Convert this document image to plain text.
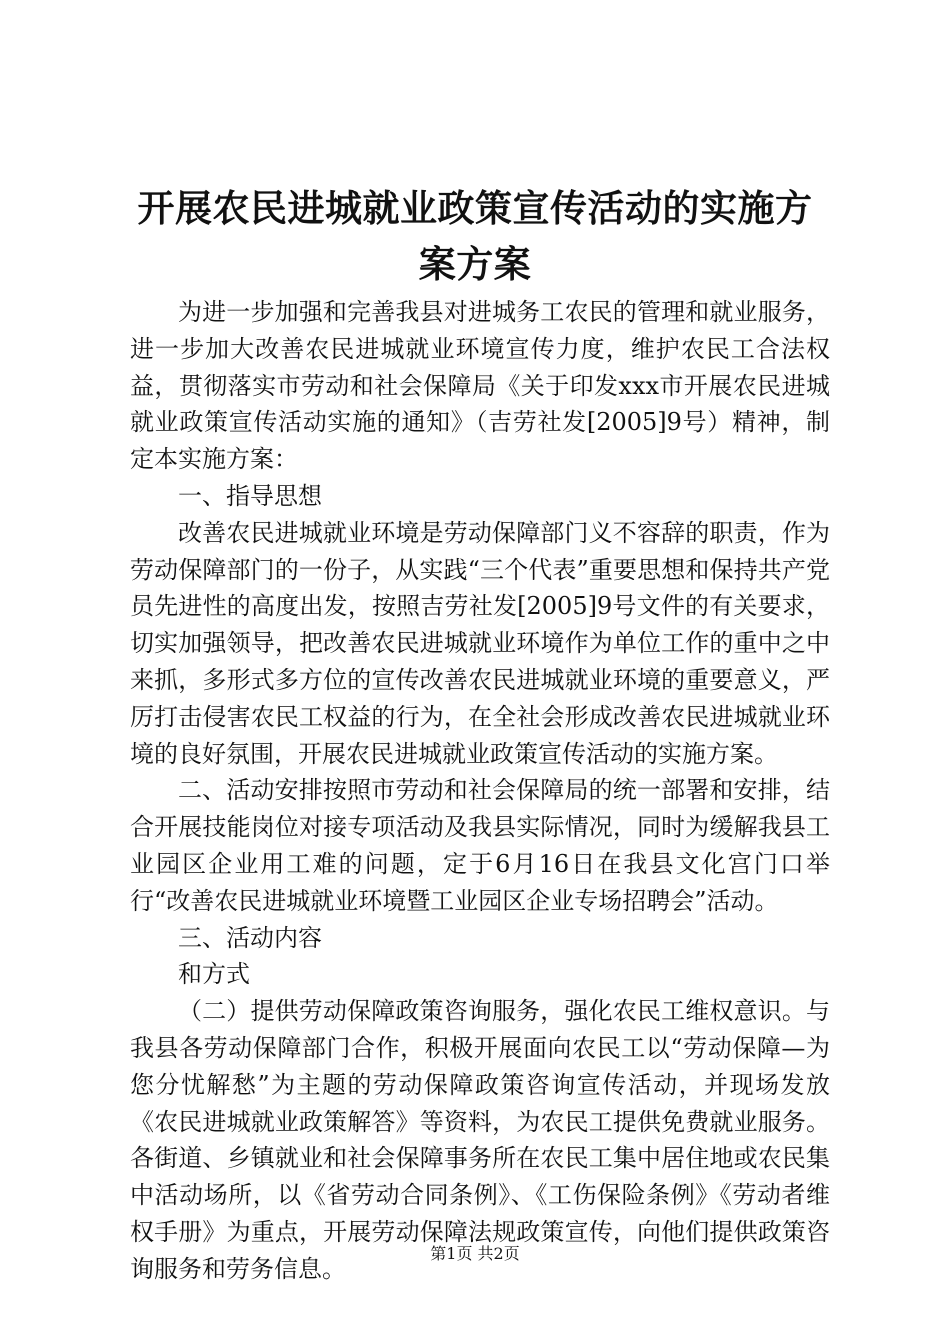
开展农民进城就业政策宣传活动的实施方案方案

为进一步加强和完善我县对进城务工农民的管理和就业服务，进一步加大改善农民进城就业环境宣传力度，维护农民工合法权益，贯彻落实市劳动和社会保障局《关于印发xxx市开展农民进城就业政策宣传活动实施的通知》（吉劳社发[2005]9号）精神，制定本实施方案：

一、指导思想

改善农民进城就业环境是劳动保障部门义不容辞的职责，作为劳动保障部门的一份子，从实践“三个代表”重要思想和保持共产党员先进性的高度出发，按照吉劳社发[2005]9号文件的有关要求，切实加强领导，把改善农民进城就业环境作为单位工作的重中之中来抓，多形式多方位的宣传改善农民进城就业环境的重要意义，严厉打击侵害农民工权益的行为，在全社会形成改善农民进城就业环境的良好氛围，开展农民进城就业政策宣传活动的实施方案。

二、活动安排按照市劳动和社会保障局的统一部署和安排，结合开展技能岗位对接专项活动及我县实际情况，同时为缓解我县工业园区企业用工难的问题，定于6月16日在我县文化宫门口举行“改善农民进城就业环境暨工业园区企业专场招聘会”活动。

三、活动内容

和方式

（二）提供劳动保障政策咨询服务，强化农民工维权意识。与我县各劳动保障部门合作，积极开展面向农民工以“劳动保障—为您分忧解愁”为主题的劳动保障政策咨询宣传活动，并现场发放《农民进城就业政策解答》等资料，为农民工提供免费就业服务。各街道、乡镇就业和社会保障事务所在农民工集中居住地或农民集中活动场所，以《省劳动合同条例》、《工伤保险条例》《劳动者维权手册》为重点，开展劳动保障法规政策宣传，向他们提供政策咨询服务和劳务信息。

第1页 共2页
